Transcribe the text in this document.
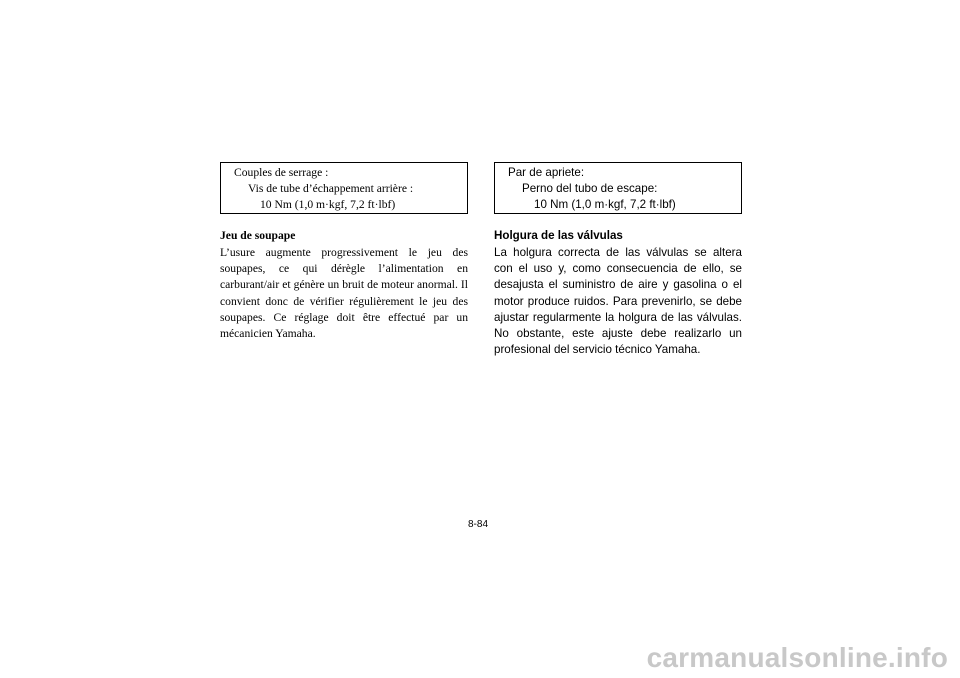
Couples de serrage :
Vis de tube d’échappement arrière :
10 Nm (1,0 m·kgf, 7,2 ft·lbf)
Jeu de soupape

L’usure augmente progressivement le jeu des soupapes, ce qui dérègle l’alimentation en carburant/air et génère un bruit de moteur anormal. Il convient donc de vérifier régulièrement le jeu des soupapes. Ce réglage doit être effectué par un mécanicien Yamaha.

Par de apriete:
Perno del tubo de escape:
10 Nm (1,0 m·kgf, 7,2 ft·lbf)
Holgura de las válvulas

La holgura correcta de las válvulas se altera con el uso y, como consecuencia de ello, se desajusta el suministro de aire y gasolina o el motor produce ruidos. Para prevenirlo, se debe ajustar regularmente la holgura de las válvulas. No obstante, este ajuste debe realizarlo un profesional del servicio técnico Yamaha.

8-84
carmanualsonline.info
